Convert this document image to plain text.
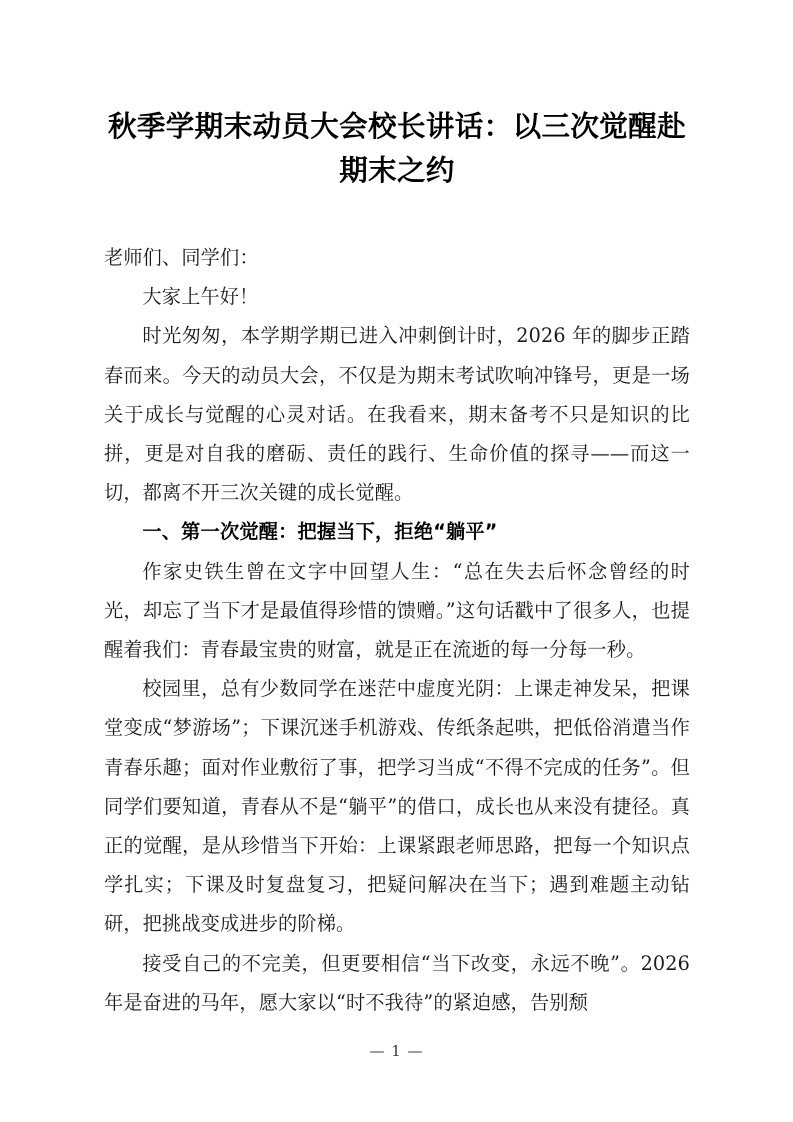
秋季学期末动员大会校长讲话：以三次觉醒赴期末之约

老师们、同学们：

大家上午好！

时光匆匆，本学期学期已进入冲刺倒计时，2026 年的脚步正踏春而来。今天的动员大会，不仅是为期末考试吹响冲锋号，更是一场关于成长与觉醒的心灵对话。在我看来，期末备考不只是知识的比拼，更是对自我的磨砺、责任的践行、生命价值的探寻——而这一切，都离不开三次关键的成长觉醒。

一、第一次觉醒：把握当下，拒绝“躺平”

作家史铁生曾在文字中回望人生：“总在失去后怀念曾经的时光，却忘了当下才是最值得珍惜的馈赠。”这句话戳中了很多人，也提醒着我们：青春最宝贵的财富，就是正在流逝的每一分每一秒。

校园里，总有少数同学在迷茫中虚度光阴：上课走神发呆，把课堂变成“梦游场”；下课沉迷手机游戏、传纸条起哄，把低俗消遣当作青春乐趣；面对作业敷衍了事，把学习当成“不得不完成的任务”。但同学们要知道，青春从不是“躺平”的借口，成长也从来没有捷径。真正的觉醒，是从珍惜当下开始：上课紧跟老师思路，把每一个知识点学扎实；下课及时复盘复习，把疑问解决在当下；遇到难题主动钻研，把挑战变成进步的阶梯。

接受自己的不完美，但更要相信“当下改变，永远不晚”。2026 年是奋进的马年，愿大家以“时不我待”的紧迫感，告别颓

— 1 —
